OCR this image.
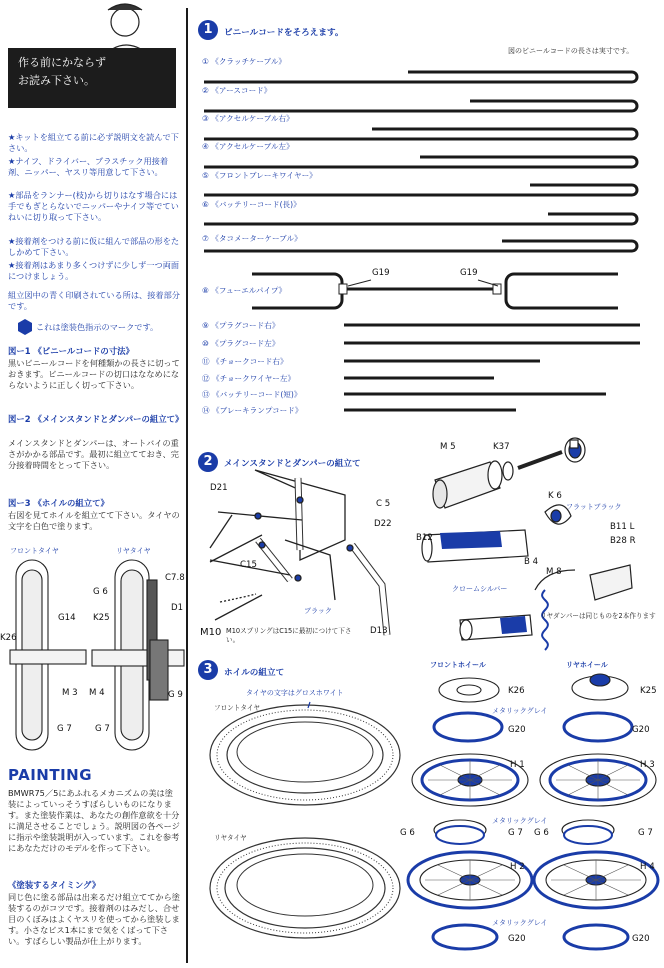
作る前にかならず
お読み下さい。
★キットを組立てる前に必ず説明文を読んで下さい。
★ナイフ、ドライバー、プラスチック用接着剤、ニッパー、ヤスリ等用意して下さい。
★部品をランナー(枝)から切りはなす場合には手でもぎとらないでニッパーやナイフ等でていねいに切り取って下さい。
★接着剤をつける前に仮に組んで部品の形をたしかめて下さい。
★接着剤はあまり多くつけずに少しず一つ両面につけましょう。
組立図中の青く印刷されている所は、接着部分です。
これは塗装色指示のマークです。
図ー1 《ビニールコードの寸法》
黒いビニールコードを何種類かの長さに切っておきます。ビニールコードの切口はななめにならないように正しく切って下さい。
図ー2 《メインスタンドとダンパーの組立て》
メインスタンドとダンパーは、オートバイの重さがかかる部品です。最初に組立てておき、完分接着時間をとって下さい。
図ー3 《ホイルの組立て》
右図を見てホイルを組立てて下さい。タイヤの文字を白色で塗ります。
フロントタイヤ	リヤタイヤ
C7.8
D1
G 6
G14 K25
K26
M 3 M 4	G 9
G 7	G 7
PAINTING
BMWR75／5にあふれるメカニズムの美は塗装によっていっそうすばらしいものになります。また塗装作業は、あなたの創作意欲を十分に満足させることでしょう。説明図の各ページに指示や塗装説明が入っています。これを参考にあなただけのモデルを作って下さい。
《塗装するタイミング》
同じ色に塗る部品は出来るだけ組立ててから塗装するのがコツです。接着剤のはみだし、合せ目のくぼみはよくヤスリを使ってから塗装します。小さなビス1本にまで気をくばって下さい。すばらしい製品が仕上がります。
1	ビニールコードをそろえます。
図のビニールコードの長さは実寸です。
① 《クラッチケーブル》
② 《アースコード》
③ 《アクセルケーブル右》
④ 《アクセルケーブル左》
⑤ 《フロントブレーキワイヤー》
⑥ 《バッテリーコード(長)》
⑦ 《タコメーターケーブル》
⑧ 《フューエルパイプ》
⑨ 《プラグコード右》
⑩ 《プラグコード左》
⑪ 《チョークコード右》
⑫ 《チョークワイヤー左》
⑬ 《バッテリーコード(短)》
⑭ 《ブレーキランプコード》
G19	G19
2	メインスタンドとダンパーの組立て
D21
C 5
D22
C15
ブラック
M10 M10スプリングはC15に最初につけて下さい。
D13
M 5	K37
K 6
フラットブラック
B11 L
B28 R
B12
B 4
クロームシルバー
M 8
リヤダンパーは同じものを2本作ります
3	ホイルの組立て
タイヤの文字はグロスホワイト
フロントタイヤ
リヤタイヤ
フロントホイール	リヤホイール
K26	K25
メタリックグレイ
G20	G20
H 1	H 3
メタリックグレイ
G 6	G 7 G 6	G 7
H 2	H 4
メタリックグレイ
G20	G20
